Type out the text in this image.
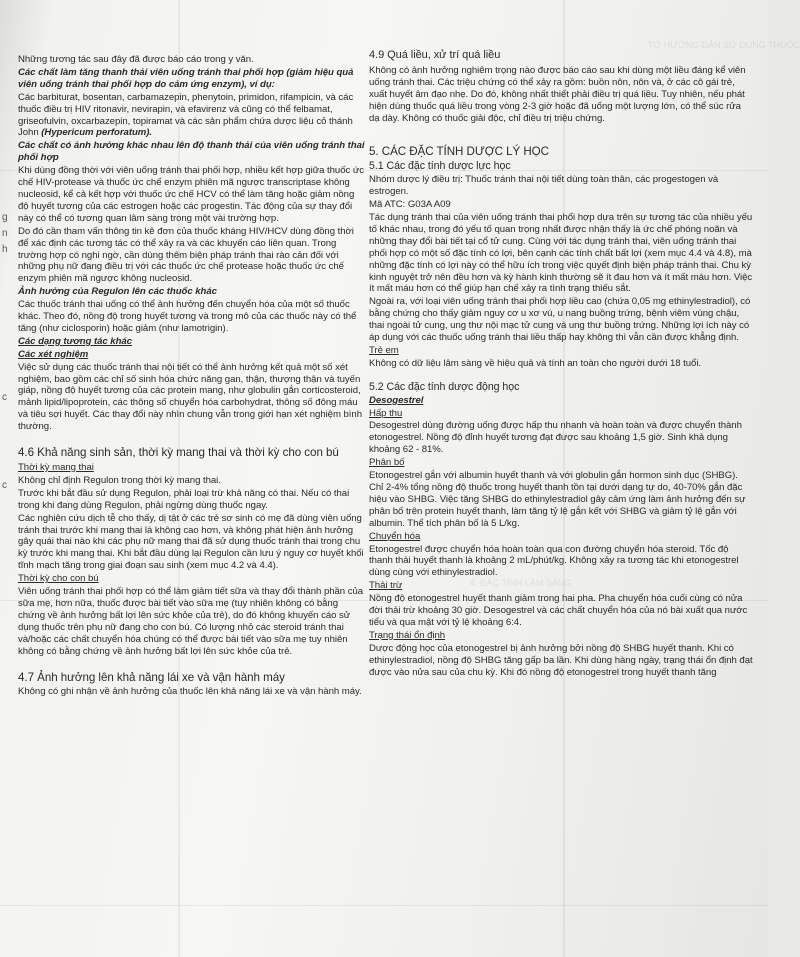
TỜ HƯỚNG DẪN SỬ DỤNG THUỐC
4. ĐẶC TÍNH LÂM SÀNG
g
n
h
c
c

Những tương tác sau đây đã được báo cáo trong y văn.

Các chất làm tăng thanh thải viên uống tránh thai phối hợp (giảm hiệu quả viên uống tránh thai phối hợp do cảm ứng enzym), ví dụ:

Các barbiturat, bosentan, carbamazepin, phenytoin, primidon, rifampicin, và các thuốc điều trị HIV ritonavir, nevirapin, và efavirenz và cũng có thể felbamat, griseofulvin, oxcarbazepin, topiramat và các sản phẩm chứa dược liệu cỏ thánh John (Hypericum perforatum).

Các chất có ảnh hưởng khác nhau lên độ thanh thải của viên uống tránh thai phối hợp

Khi dùng đồng thời với viên uống tránh thai phối hợp, nhiều kết hợp giữa thuốc ức chế HIV-protease và thuốc ức chế enzym phiên mã ngược transcriptase không nucleosid, kể cả kết hợp với thuốc ức chế HCV có thể làm tăng hoặc giảm nồng độ huyết tương của các estrogen hoặc các progestin. Tác động của sự thay đổi này có thể có tương quan lâm sàng trong một vài trường hợp.

Do đó cần tham vấn thông tin kê đơn của thuốc kháng HIV/HCV dùng đồng thời để xác định các tương tác có thể xảy ra và các khuyến cáo liên quan. Trong trường hợp có nghi ngờ, cần dùng thêm biện pháp tránh thai rào cản đối với những phụ nữ đang điều trị với các thuốc ức chế protease hoặc thuốc ức chế enzym phiên mã ngược không nucleosid.

Ảnh hưởng của Regulon lên các thuốc khác

Các thuốc tránh thai uống có thể ảnh hưởng đến chuyển hóa của một số thuốc khác. Theo đó, nồng độ trong huyết tương và trong mô của các thuốc này có thể tăng (như ciclosporin) hoặc giảm (như lamotrigin).

Các dạng tương tác khác

Các xét nghiệm

Việc sử dụng các thuốc tránh thai nội tiết có thể ảnh hưởng kết quả một số xét nghiệm, bao gồm các chỉ số sinh hóa chức năng gan, thận, thượng thận và tuyến giáp, nồng độ huyết tương của các protein mang, như globulin gắn corticosteroid, mảnh lipid/lipoprotein, các thông số chuyển hóa carbohydrat, thông số đông máu và tiêu sợi huyết. Các thay đổi này nhìn chung vẫn trong giới hạn xét nghiệm bình thường.

4.6 Khả năng sinh sản, thời kỳ mang thai và thời kỳ cho con bú

Thời kỳ mang thai

Không chỉ định Regulon trong thời kỳ mang thai.

Trước khi bắt đầu sử dụng Regulon, phải loại trừ khả năng có thai. Nếu có thai trong khi đang dùng Regulon, phải ngừng dùng thuốc ngay.

Các nghiên cứu dịch tễ cho thấy, dị tật ở các trẻ sơ sinh có mẹ đã dùng viên uống tránh thai trước khi mang thai là không cao hơn, và không phát hiện ảnh hưởng gây quái thai nào khi các phụ nữ mang thai đã sử dụng thuốc tránh thai trong chu kỳ trước khi mang thai. Khi bắt đầu dùng lại Regulon cần lưu ý nguy cơ huyết khối tĩnh mạch tăng trong giai đoạn sau sinh (xem mục 4.2 và 4.4).

Thời kỳ cho con bú

Viên uống tránh thai phối hợp có thể làm giảm tiết sữa và thay đổi thành phần của sữa mẹ, hơn nữa, thuốc được bài tiết vào sữa mẹ (tuy nhiên không có bằng chứng về ảnh hưởng bất lợi lên sức khỏe của trẻ), do đó không khuyến cáo sử dụng thuốc trên phụ nữ đang cho con bú. Có lượng nhỏ các steroid tránh thai và/hoặc các chất chuyển hóa chúng có thể được bài tiết vào sữa mẹ tuy nhiên không có bằng chứng về ảnh hưởng bất lợi lên sức khỏe của trẻ.

4.7 Ảnh hưởng lên khả năng lái xe và vận hành máy

Không có ghi nhận về ảnh hưởng của thuốc lên khả năng lái xe và vận hành máy.

4.9 Quá liều, xử trí quá liều

Không có ảnh hưởng nghiêm trọng nào được báo cáo sau khi dùng một liều đáng kể viên uống tránh thai. Các triệu chứng có thể xảy ra gồm: buồn nôn, nôn và, ở các cô gái trẻ, xuất huyết âm đạo nhẹ. Do đó, không nhất thiết phải điều trị quá liều. Tuy nhiên, nếu phát hiện dùng thuốc quá liều trong vòng 2-3 giờ hoặc đã uống một lượng lớn, có thể súc rửa dạ dày. Không có thuốc giải độc, chỉ điều trị triệu chứng.

5. CÁC ĐẶC TÍNH DƯỢC LÝ HỌC

5.1 Các đặc tính dược lực học

Nhóm dược lý điều trị: Thuốc tránh thai nội tiết dùng toàn thân, các progestogen và estrogen.

Mã ATC: G03A A09

Tác dụng tránh thai của viên uống tránh thai phối hợp dựa trên sự tương tác của nhiều yếu tố khác nhau, trong đó yếu tố quan trọng nhất được nhận thấy là ức chế phóng noãn và những thay đổi bài tiết tại cổ tử cung. Cùng với tác dụng tránh thai, viên uống tránh thai phối hợp có một số đặc tính có lợi, bên cạnh các tính chất bất lợi (xem mục 4.4 và 4.8), mà những đặc tính có lợi này có thể hữu ích trong việc quyết định biện pháp tránh thai. Chu kỳ kinh nguyệt trở nên đều hơn và kỳ hành kinh thường sẽ ít đau hơn và ít mất máu hơn. Việc ít mất máu hơn có thể giúp hạn chế xảy ra tình trạng thiếu sắt.

Ngoài ra, với loại viên uống tránh thai phối hợp liều cao (chứa 0,05 mg ethinylestradiol), có bằng chứng cho thấy giảm nguy cơ u xơ vú, u nang buồng trứng, bệnh viêm vùng chậu, thai ngoài tử cung, ung thư nội mạc tử cung và ung thư buồng trứng. Những lợi ích này có áp dụng với các thuốc uống tránh thai liều thấp hay không thì vẫn cần được khẳng định.

Trẻ em

Không có dữ liệu lâm sàng về hiệu quả và tính an toàn cho người dưới 18 tuổi.

5.2 Các đặc tính dược động học

Desogestrel

Hấp thu

Desogestrel dùng đường uống được hấp thu nhanh và hoàn toàn và được chuyển thành etonogestrel. Nồng độ đỉnh huyết tương đạt được sau khoảng 1,5 giờ. Sinh khả dụng khoảng 62 - 81%.

Phân bố

Etonogestrel gắn với albumin huyết thanh và với globulin gắn hormon sinh dục (SHBG). Chỉ 2-4% tổng nồng độ thuốc trong huyết thanh tồn tại dưới dạng tự do, 40-70% gắn đặc hiệu vào SHBG. Việc tăng SHBG do ethinylestradiol gây cảm ứng làm ảnh hưởng đến sự phân bố trên protein huyết thanh, làm tăng tỷ lệ gắn kết với SHBG và giảm tỷ lệ gắn với albumin. Thể tích phân bố là 5 L/kg.

Chuyển hóa

Etonogestrel được chuyển hóa hoàn toàn qua con đường chuyển hóa steroid. Tốc độ thanh thải huyết thanh là khoảng 2 mL/phút/kg. Không xảy ra tương tác khi etonogestrel dùng cùng với ethinylestradiol.

Thải trừ

Nồng độ etonogestrel huyết thanh giảm trong hai pha. Pha chuyển hóa cuối cùng có nửa đời thải trừ khoảng 30 giờ. Desogestrel và các chất chuyển hóa của nó bài xuất qua nước tiểu và qua mật với tỷ lệ khoảng 6:4.

Trạng thái ổn định

Dược động học của etonogestrel bị ảnh hưởng bởi nồng độ SHBG huyết thanh. Khi có ethinylestradiol, nồng độ SHBG tăng gấp ba lần. Khi dùng hàng ngày, trạng thái ổn định đạt được vào nửa sau của chu kỳ. Khi đó nồng độ etonogestrel trong huyết thanh tăng
